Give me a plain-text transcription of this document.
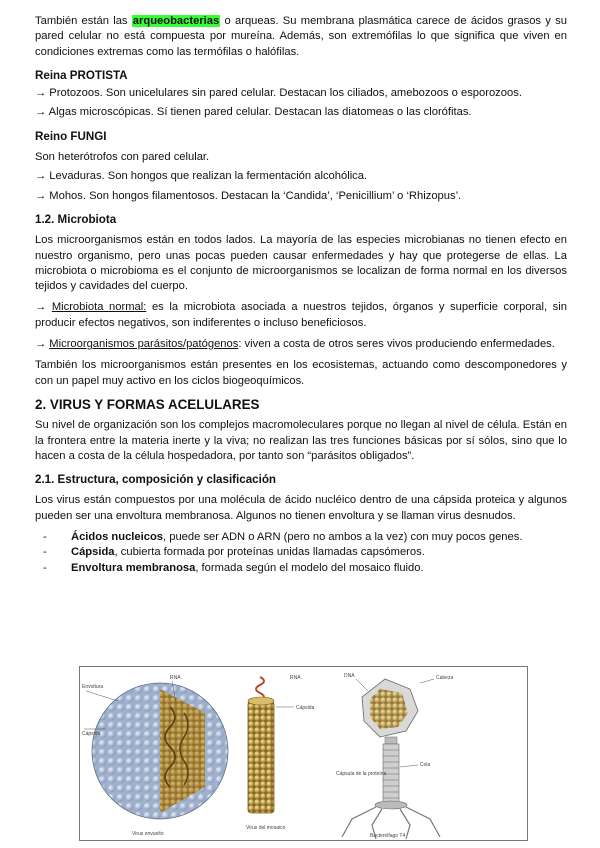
También están las arqueobacterias o arqueas. Su membrana plasmática carece de ácidos grasos y su pared celular no está compuesta por mureína. Además, son extremófilas lo que significa que viven en condiciones extremas como las termófilas o halófilas.

Reina PROTISTA

→ Protozoos. Son unicelulares sin pared celular. Destacan los ciliados, amebozoos o esporozoos.

→ Algas microscópicas. Sí tienen pared celular. Destacan las diatomeas o las clorófitas.

Reino FUNGI

Son heterótrofos con pared celular.

→ Levaduras. Son hongos que realizan la fermentación alcohólica.

→ Mohos. Son hongos filamentosos. Destacan la ‘Candida’, ‘Penicillium’ o ‘Rhizopus’.

1.2. Microbiota

Los microorganismos están en todos lados. La mayoría de las especies microbianas no tienen efecto en nuestro organismo, pero unas pocas pueden causar enfermedades y hay que protegerse de ellas. La microbiota o microbioma es el conjunto de microorganismos se localizan de forma normal en los diversos tejidos y cavidades del cuerpo.

→ Microbiota normal: es la microbiota asociada a nuestros tejidos, órganos y superficie corporal, sin producir efectos negativos, son indiferentes o incluso beneficiosos.

→ Microorganismos parásitos/patógenos: viven a costa de otros seres vivos produciendo enfermedades.

También los microorganismos están presentes en los ecosistemas, actuando como descomponedores y con un papel muy activo en los ciclos biogeoquímicos.

2. VIRUS Y FORMAS ACELULARES

Su nivel de organización son los complejos macromoleculares porque no llegan al nivel de célula. Están en la frontera entre la materia inerte y la viva; no realizan las tres funciones básicas por sí sólos, sino que lo hacen a costa de la célula hospedadora, por tanto son “parásitos obligados”.

2.1. Estructura, composición y clasificación

Los virus están compuestos por una molécula de ácido nucléico dentro de una cápsida proteica y algunos pueden ser una envoltura membranosa. Algunos no tienen envoltura y se llaman virus desnudos.

- Ácidos nucleicos, puede ser ADN o ARN (pero no ambos a la vez) con muy pocos genes.
- Cápsida, cubierta formada por proteínas unidas llamadas capsómeros.
- Envoltura membranosa, formada según el modelo del mosaico fluido.
Envoltura
Cápsida
RNA
Virus envuelto
RNA
Cápsida
Virus del mosaico
DNA	Cabeza
Cápsula de la proteína
Cola
Bacteriófago T4
